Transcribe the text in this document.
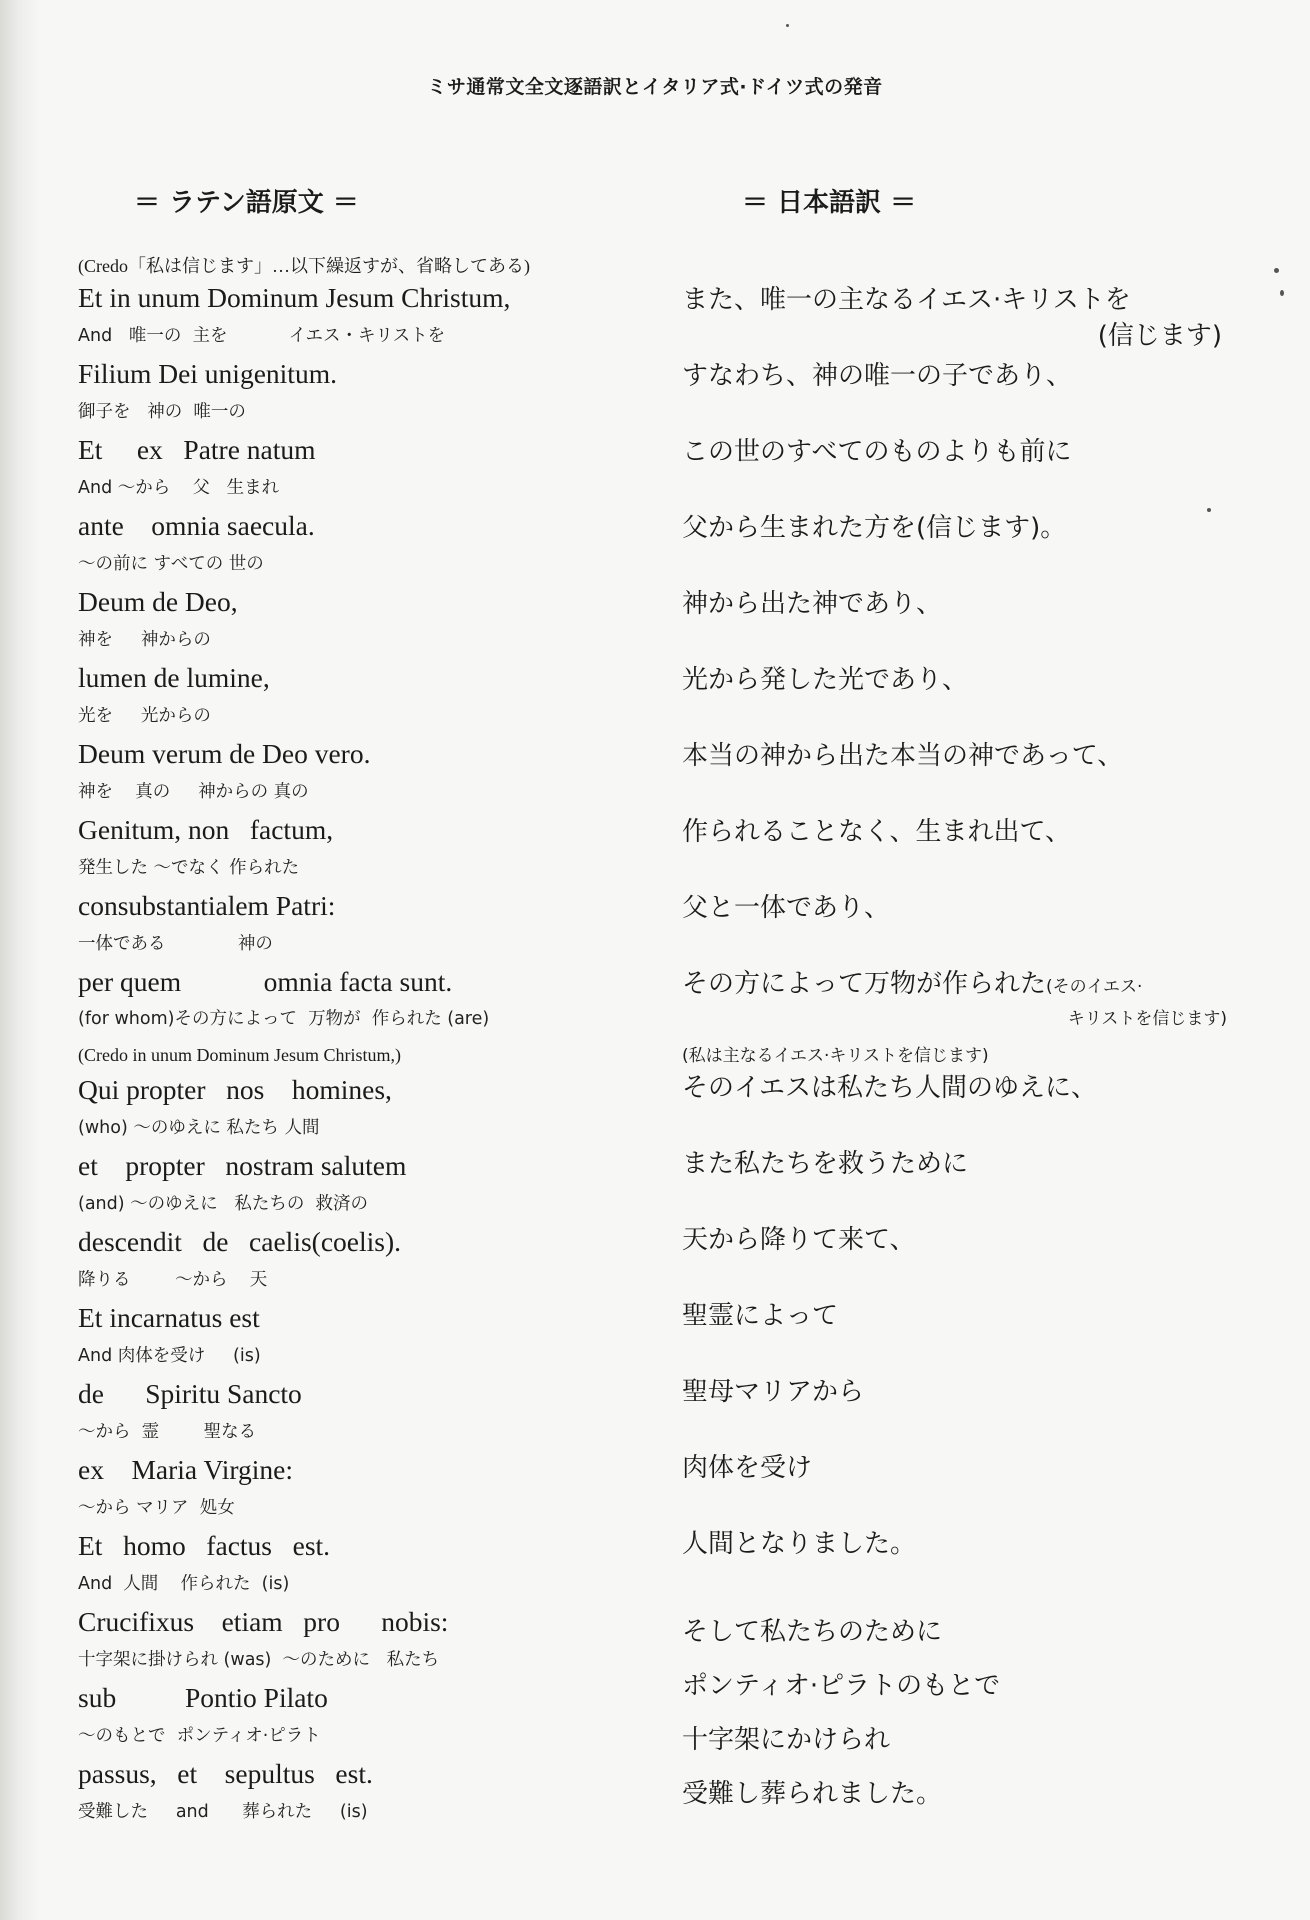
ミサ通常文全文逐語訳とイタリア式·ドイツ式の発音
＝ ラテン語原文 ＝	＝ 日本語訳 ＝
(Credo「私は信じます」…以下繰返すが、省略してある)
Et in unum Dominum Jesum Christum,
And   唯一の  主を           イエス・キリストを
Filium Dei unigenitum.
御子を   神の  唯一の
Et     ex   Patre natum
And ～から    父   生まれ
ante    omnia saecula.
～の前に すべての 世の
Deum de Deo,
神を     神からの
lumen de lumine,
光を     光からの
Deum verum de Deo vero.
神を    真の     神からの 真の
Genitum, non   factum,
発生した ～でなく 作られた
consubstantialem Patri:
一体である             神の
per quem            omnia facta sunt.
(for whom)その方によって  万物が  作られた (are)
(Credo in unum Dominum Jesum Christum,)
Qui propter   nos    homines,
(who) ～のゆえに 私たち 人間
et    propter   nostram salutem
(and) ～のゆえに   私たちの  救済の
descendit   de   caelis(coelis).
降りる        ～から    天
Et incarnatus est
And 肉体を受け     (is)
de      Spiritu Sancto
～から  霊        聖なる
ex    Maria Virgine:
～から マリア  処女
Et   homo   factus   est.
And  人間    作られた  (is)
Crucifixus    etiam   pro      nobis:
十字架に掛けられ (was)  ～のために   私たち
sub          Pontio Pilato
～のもとで  ポンティオ·ピラト
passus,   et    sepultus   est.
受難した     and      葬られた     (is)
また、唯一の主なるイエス·キリストを
(信じます)
すなわち、神の唯一の子であり、
この世のすべてのものよりも前に
父から生まれた方を(信じます)。
神から出た神であり、
光から発した光であり、
本当の神から出た本当の神であって、
作られることなく、生まれ出て、
父と一体であり、
その方によって万物が作られた(そのイエス·
キリストを信じます)
(私は主なるイエス·キリストを信じます)
そのイエスは私たち人間のゆえに、
また私たちを救うために
天から降りて来て、
聖霊によって
聖母マリアから
肉体を受け
人間となりました。
そして私たちのために
ポンティオ·ピラトのもとで
十字架にかけられ
受難し葬られました。
